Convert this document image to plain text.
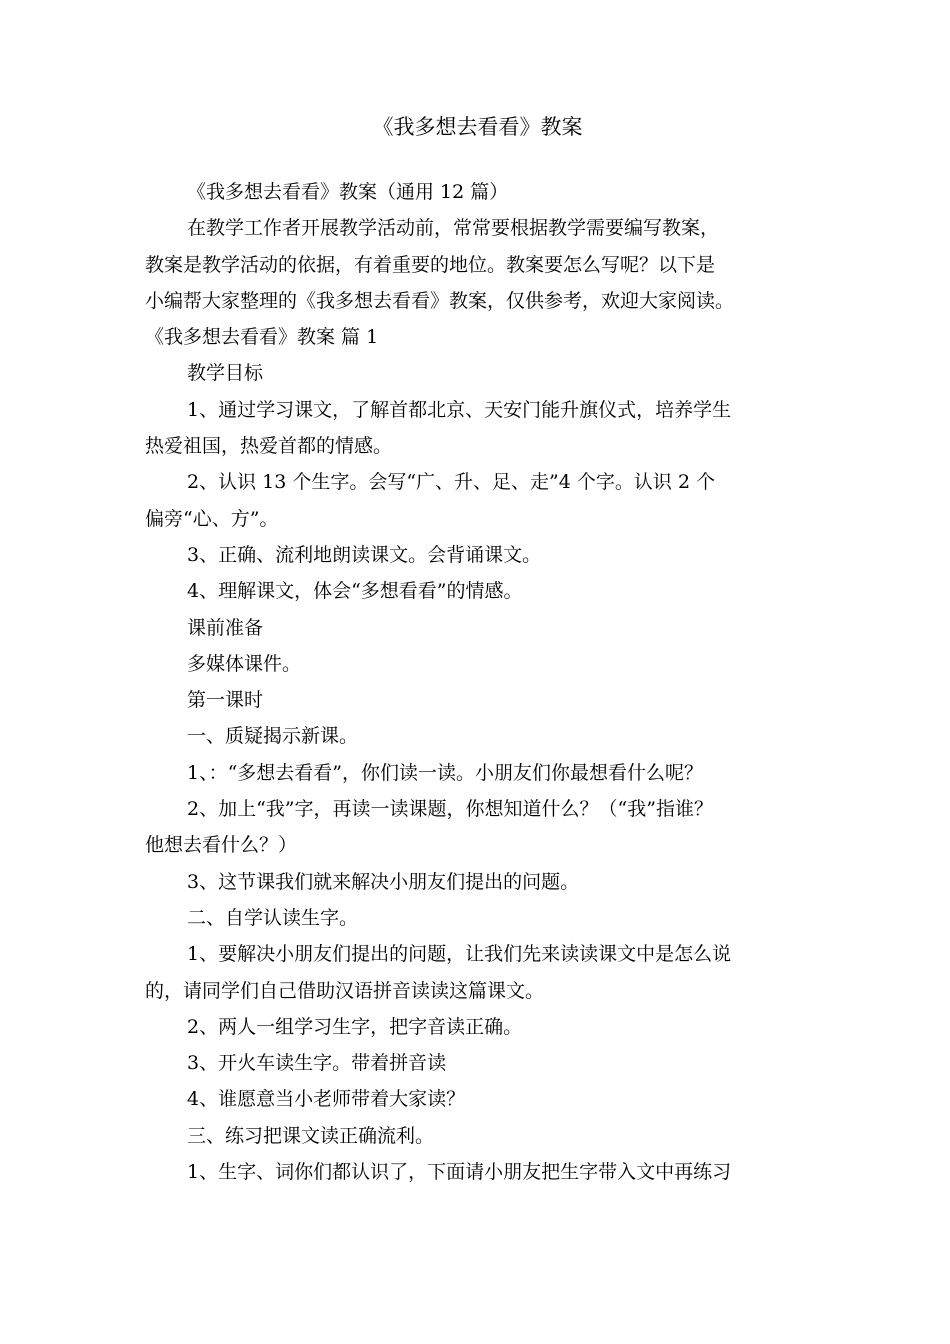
《我多想去看看》教案

《我多想去看看》教案（通用 12 篇）

在教学工作者开展教学活动前，常常要根据教学需要编写教案，

教案是教学活动的依据，有着重要的地位。教案要怎么写呢？以下是

小编帮大家整理的《我多想去看看》教案，仅供参考，欢迎大家阅读。

《我多想去看看》教案 篇 1

教学目标

1、通过学习课文，了解首都北京、天安门能升旗仪式，培养学生

热爱祖国，热爱首都的情感。

2、认识 13 个生字。会写“广、升、足、走”4 个字。认识 2 个

偏旁“心、方”。

3、正确、流利地朗读课文。会背诵课文。

4、理解课文，体会“多想看看”的情感。

课前准备

多媒体课件。

第一课时

一、质疑揭示新课。

1、：“多想去看看”，你们读一读。小朋友们你最想看什么呢？

2、加上“我”字，再读一读课题，你想知道什么？（“我”指谁？

他想去看什么？）

3、这节课我们就来解决小朋友们提出的问题。

二、自学认读生字。

1、要解决小朋友们提出的问题，让我们先来读读课文中是怎么说

的，请同学们自己借助汉语拼音读读这篇课文。

2、两人一组学习生字，把字音读正确。

3、开火车读生字。带着拼音读

4、谁愿意当小老师带着大家读？

三、练习把课文读正确流利。

1、生字、词你们都认识了，下面请小朋友把生字带入文中再练习
